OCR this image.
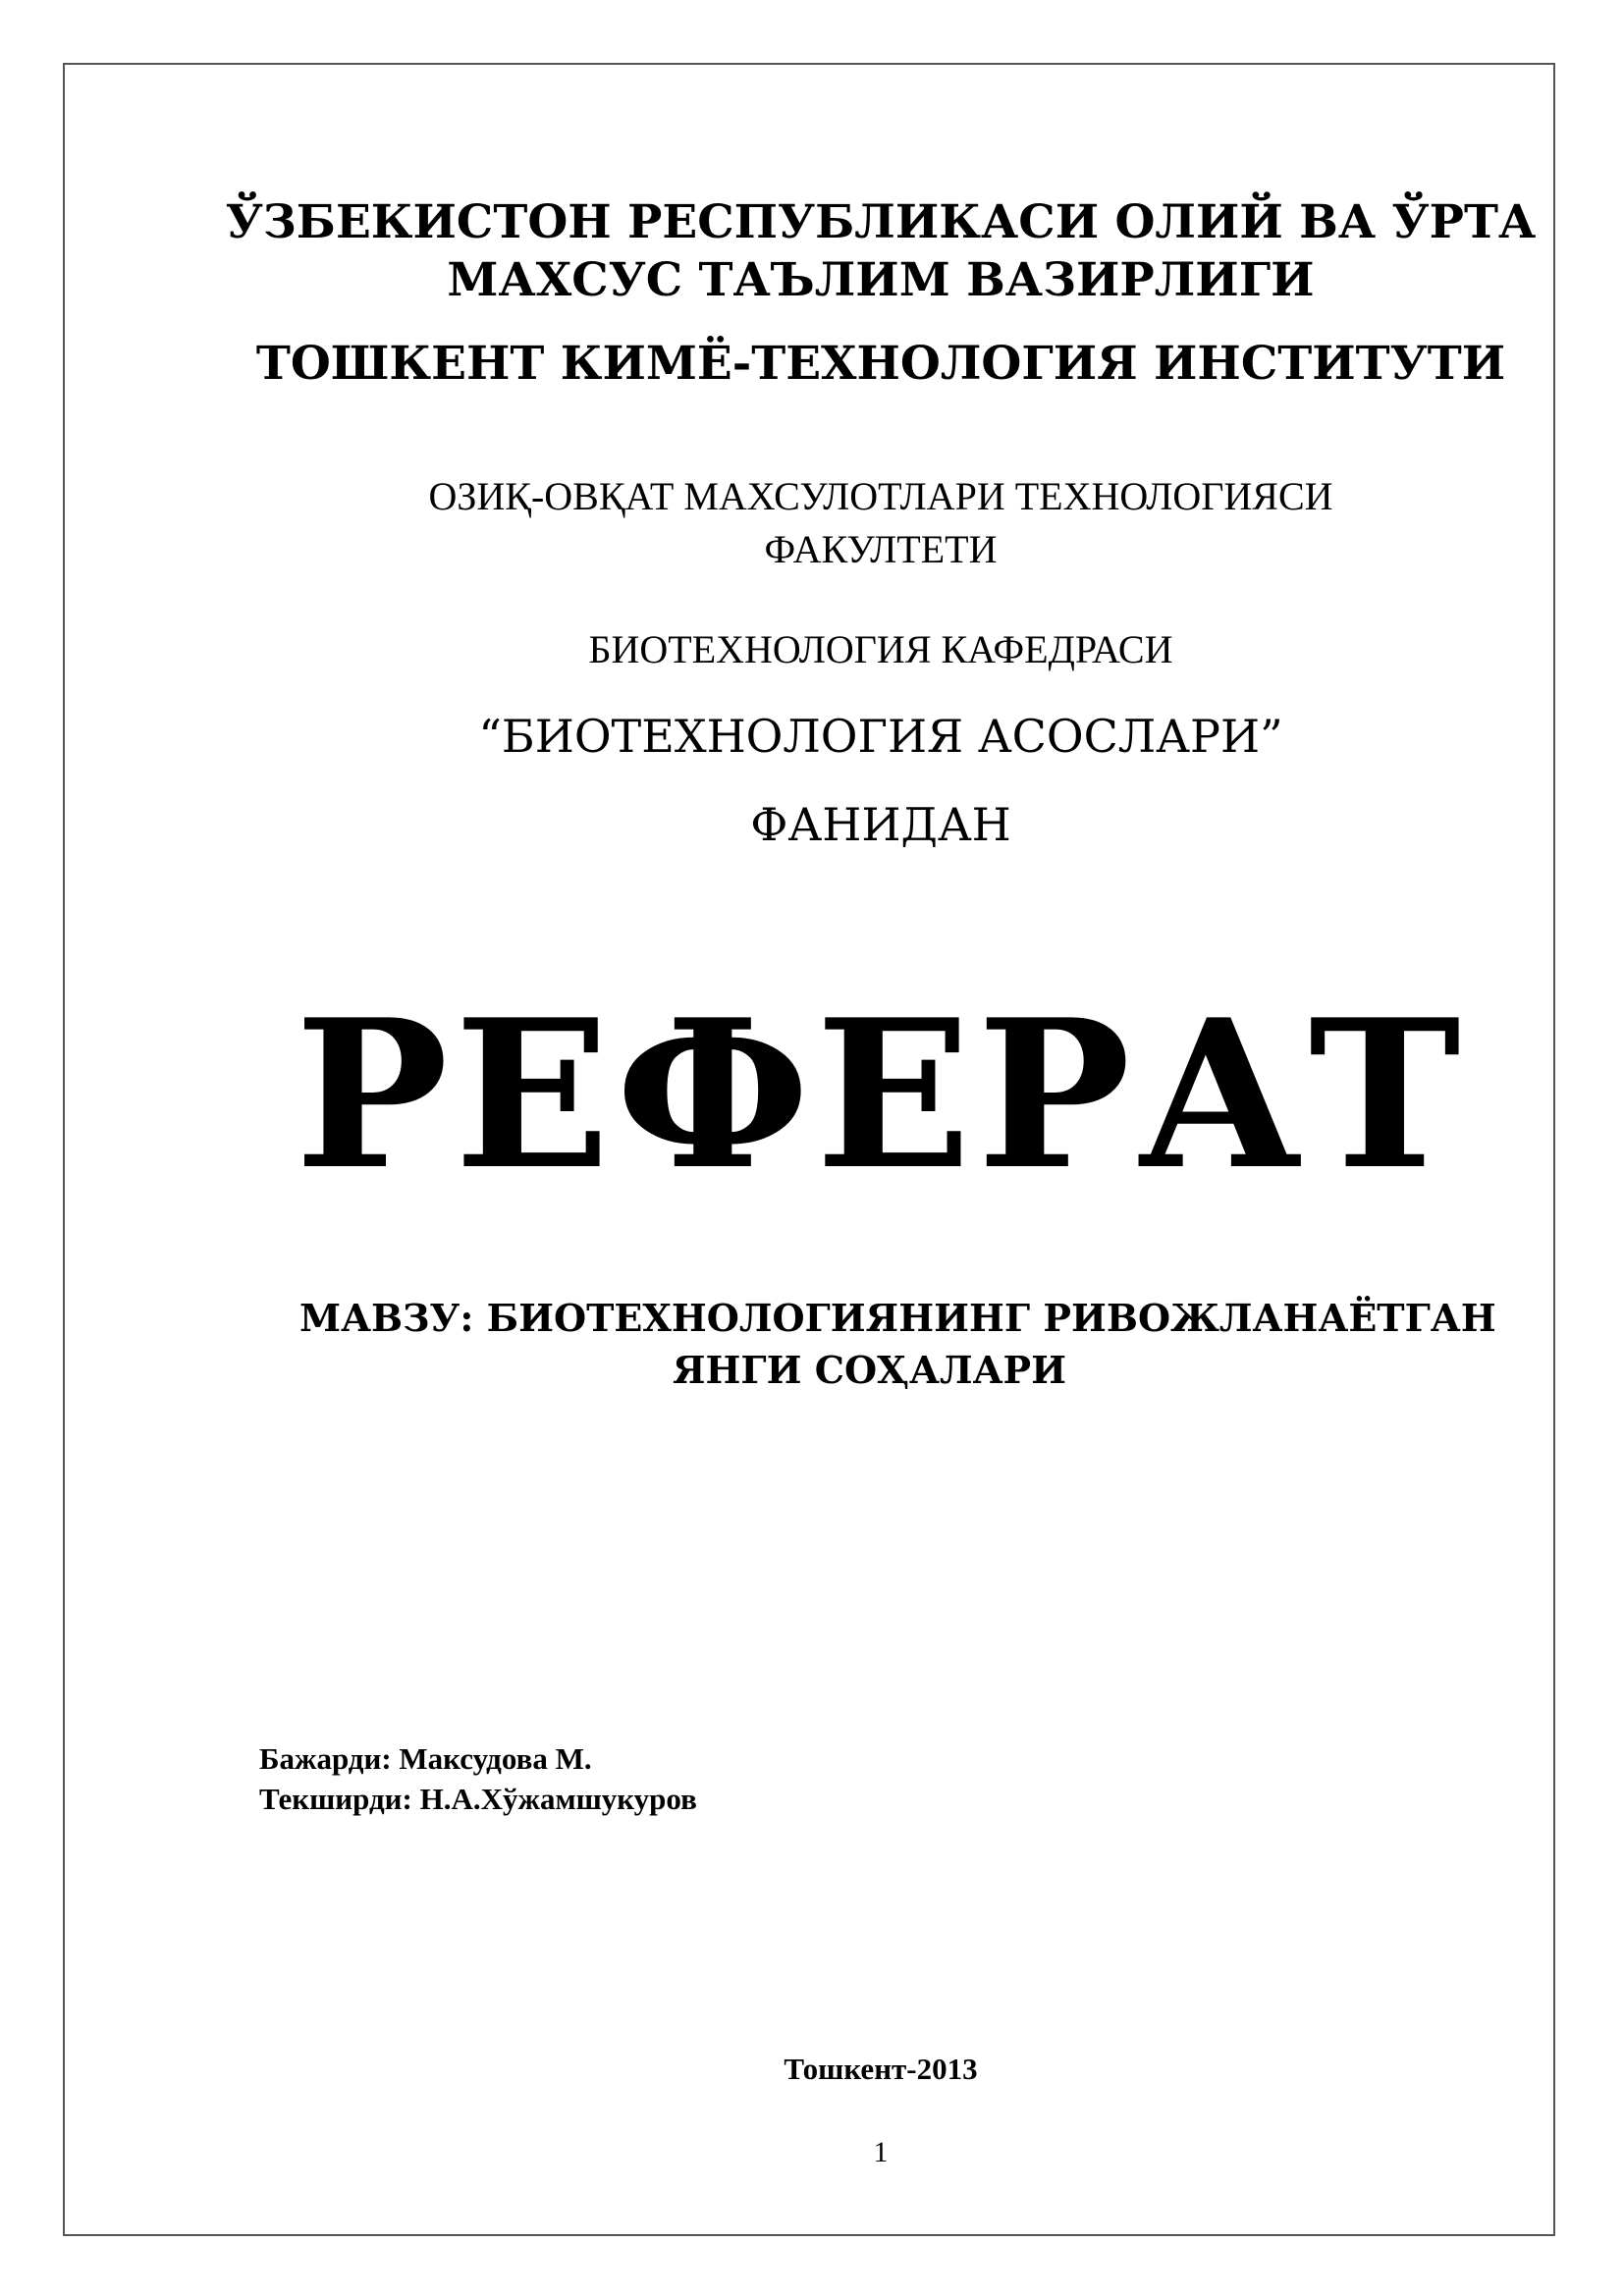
ЎЗБЕКИСТОН РЕСПУБЛИКАСИ ОЛИЙ ВА ЎРТА

МАХСУС ТАЪЛИМ ВАЗИРЛИГИ

ТОШКЕНТ КИМЁ-ТЕХНОЛОГИЯ ИНСТИТУТИ

ОЗИҚ-ОВҚАТ МАХСУЛОТЛАРИ ТЕХНОЛОГИЯСИ

ФАКУЛТЕТИ

БИОТЕХНОЛОГИЯ КАФЕДРАСИ

“БИОТЕХНОЛОГИЯ АСОСЛАРИ”

ФАНИДАН

РЕФЕРАТ

МАВЗУ: БИОТЕХНОЛОГИЯНИНГ РИВОЖЛАНАЁТГАН

ЯНГИ СОҲАЛАРИ

Бажарди: Максудова М.
Текширди: Н.А.Хўжамшукуров

Тошкент-2013

1
